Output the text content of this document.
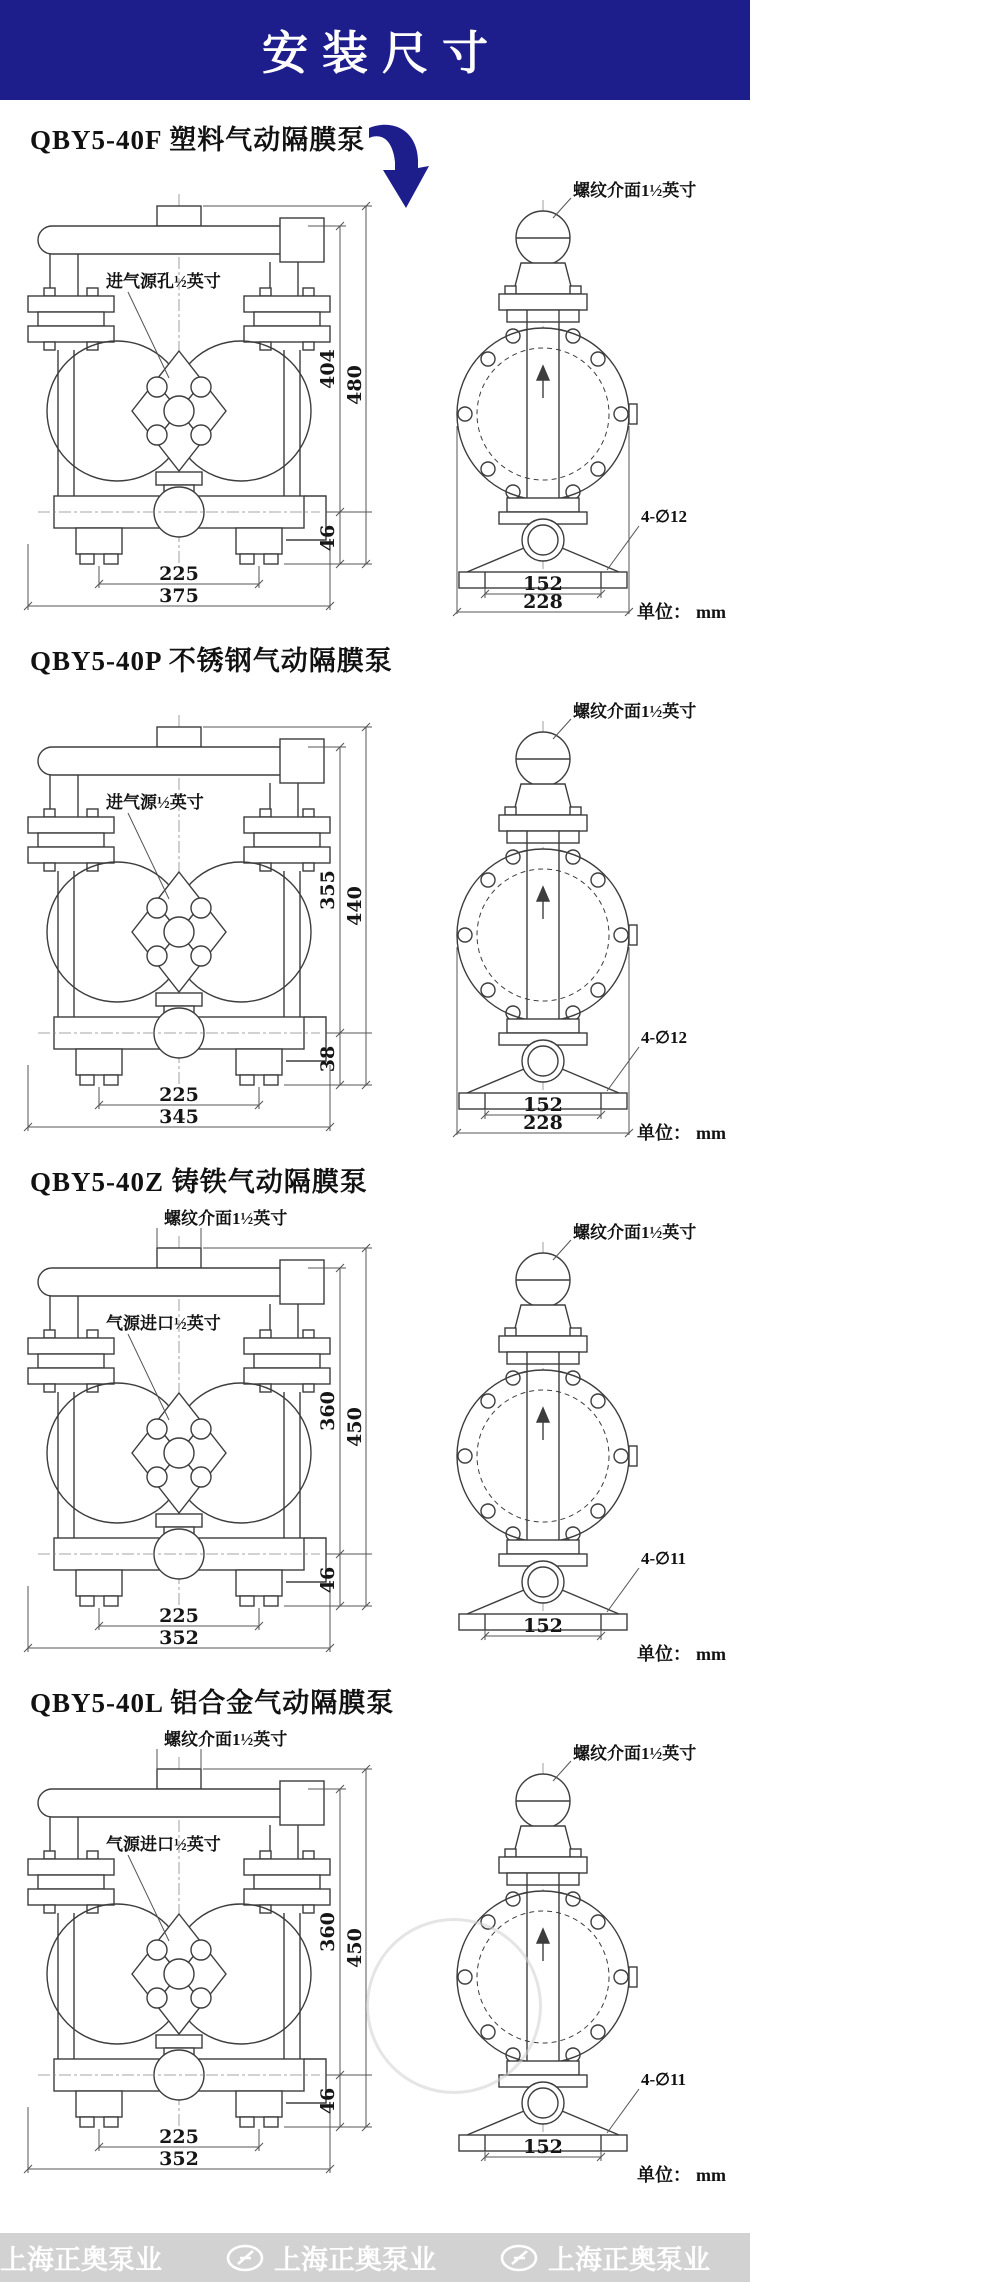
安装尺寸
QBY5-40F 塑料气动隔膜泵
进气源孔½英寸
404 480
46
225
375
螺纹介面1½英寸
4-∅12
152
228	单位： mm
QBY5-40P 不锈钢气动隔膜泵
进气源½英寸
355 440
38
225
345
螺纹介面1½英寸
4-∅12
152
228	单位： mm
QBY5-40Z 铸铁气动隔膜泵
螺纹介面1½英寸
气源进口½英寸
360 450
46
225
352
螺纹介面1½英寸
4-∅11
152
单位： mm
QBY5-40L 铝合金气动隔膜泵
螺纹介面1½英寸
气源进口½英寸
360 450
46
225
352
螺纹介面1½英寸
4-∅11
152
单位： mm
上海正奥泵业	上海正奥泵业	上海正奥泵业	上海正奥泵业
